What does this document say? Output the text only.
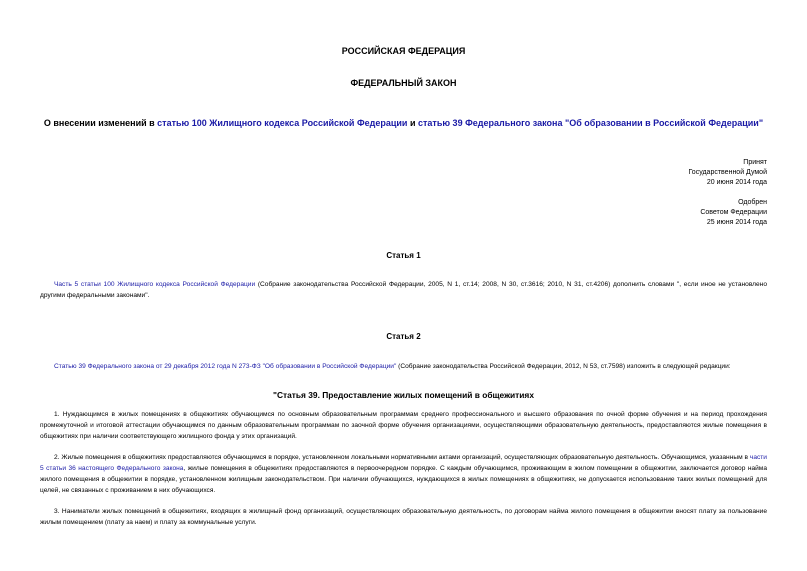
РОССИЙСКАЯ ФЕДЕРАЦИЯ
ФЕДЕРАЛЬНЫЙ ЗАКОН
О внесении изменений в статью 100 Жилищного кодекса Российской Федерации и статью 39 Федерального закона "Об образовании в Российской Федерации"
Принят
Государственной Думой
20 июня 2014 года
Одобрен
Советом Федерации
25 июня 2014 года
Статья 1
Часть 5 статьи 100 Жилищного кодекса Российской Федерации (Собрание законодательства Российской Федерации, 2005, N 1, ст.14; 2008, N 30, ст.3616; 2010, N 31, ст.4206) дополнить словами ", если иное не установлено другими федеральными законами".
Статья 2
Статью 39 Федерального закона от 29 декабря 2012 года N 273-ФЗ "Об образовании в Российской Федерации" (Собрание законодательства Российской Федерации, 2012, N 53, ст.7598) изложить в следующей редакции:
"Статья 39. Предоставление жилых помещений в общежитиях
1. Нуждающимся в жилых помещениях в общежитиях обучающимся по основным образовательным программам среднего профессионального и высшего образования по очной форме обучения и на период прохождения промежуточной и итоговой аттестации обучающимся по данным образовательным программам по заочной форме обучения организациями, осуществляющими образовательную деятельность, предоставляются жилые помещения в общежитиях при наличии соответствующего жилищного фонда у этих организаций.
2. Жилые помещения в общежитиях предоставляются обучающимся в порядке, установленном локальными нормативными актами организаций, осуществляющих образовательную деятельность. Обучающимся, указанным в части 5 статьи 36 настоящего Федерального закона, жилые помещения в общежитиях предоставляются в первоочередном порядке. С каждым обучающимся, проживающим в жилом помещении в общежитии, заключается договор найма жилого помещения в общежитии в порядке, установленном жилищным законодательством. При наличии обучающихся, нуждающихся в жилых помещениях в общежитиях, не допускается использование таких жилых помещений для целей, не связанных с проживанием в них обучающихся.
3. Наниматели жилых помещений в общежитиях, входящих в жилищный фонд организаций, осуществляющих образовательную деятельность, по договорам найма жилого помещения в общежитии вносят плату за пользование жилым помещением (плату за наем) и плату за коммунальные услуги.
